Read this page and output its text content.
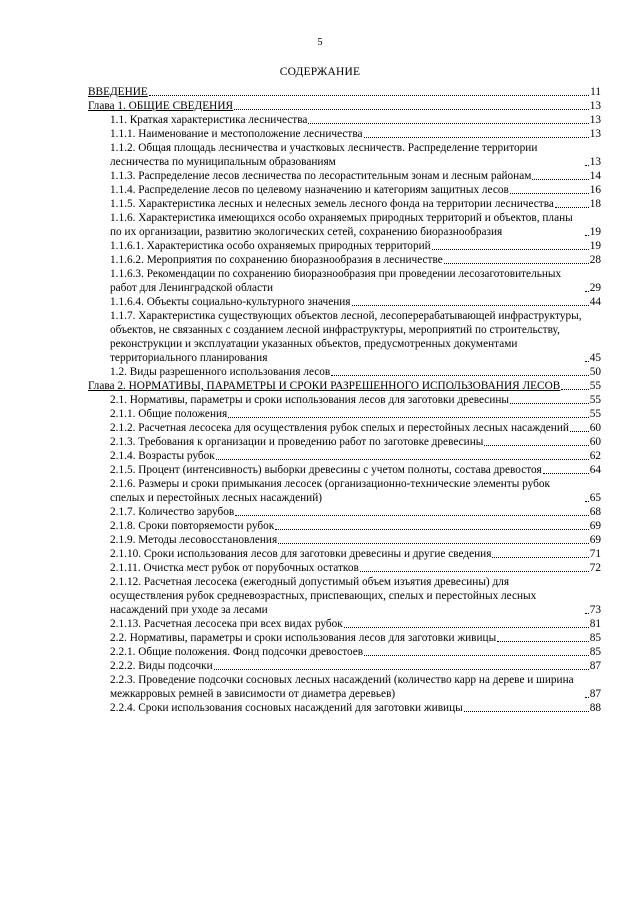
5
СОДЕРЖАНИЕ
ВВЕДЕНИЕ	11
Глава 1. ОБЩИЕ СВЕДЕНИЯ	13
1.1. Краткая характеристика лесничества	13
1.1.1. Наименование и местоположение лесничества	13
1.1.2. Общая площадь лесничества и участковых лесничеств. Распределение территории лесничества по муниципальным образованиям	13
1.1.3. Распределение лесов лесничества по лесорастительным зонам и лесным районам	14
1.1.4. Распределение лесов по целевому назначению и категориям защитных лесов	16
1.1.5. Характеристика лесных и нелесных земель лесного фонда на территории лесничества	18
1.1.6. Характеристика имеющихся особо охраняемых природных территорий и объектов, планы по их организации, развитию экологических сетей, сохранению биоразнообразия	19
1.1.6.1. Характеристика особо охраняемых природных территорий	19
1.1.6.2. Мероприятия по сохранению биоразнообразия в лесничестве	28
1.1.6.3. Рекомендации по сохранению биоразнообразия при проведении лесозаготовительных работ для Ленинградской области	29
1.1.6.4. Объекты социально-культурного значения	44
1.1.7. Характеристика существующих объектов лесной, лесоперерабатывающей инфраструктуры, объектов, не связанных с созданием лесной инфраструктуры, мероприятий по строительству, реконструкции и эксплуатации указанных объектов, предусмотренных документами территориального планирования	45
1.2. Виды разрешенного использования лесов	50
Глава 2. НОРМАТИВЫ, ПАРАМЕТРЫ И СРОКИ РАЗРЕШЕННОГО ИСПОЛЬЗОВАНИЯ ЛЕСОВ	55
2.1. Нормативы, параметры и сроки использования лесов для заготовки древесины	55
2.1.1. Общие положения	55
2.1.2. Расчетная лесосека для осуществления рубок спелых и перестойных лесных насаждений 60
2.1.3. Требования к организации и проведению работ по заготовке древесины	60
2.1.4. Возрасты рубок	62
2.1.5. Процент (интенсивность) выборки древесины с учетом полноты, состава древостоя	64
2.1.6. Размеры и сроки примыкания лесосек (организационно-технические элементы рубок спелых и перестойных лесных насаждений)	65
2.1.7. Количество зарубов	68
2.1.8. Сроки повторяемости рубок	69
2.1.9. Методы лесовосстановления	69
2.1.10. Сроки использования лесов для заготовки древесины и другие сведения	71
2.1.11. Очистка мест рубок от порубочных остатков	72
2.1.12. Расчетная лесосека (ежегодный допустимый объем изъятия древесины) для осуществления рубок средневозрастных, приспевающих, спелых и перестойных лесных насаждений при уходе за лесами	73
2.1.13. Расчетная лесосека при всех видах рубок	81
2.2. Нормативы, параметры и сроки использования лесов для заготовки живицы	85
2.2.1. Общие положения. Фонд подсочки древостоев	85
2.2.2. Виды подсочки	87
2.2.3. Проведение подсочки сосновых лесных насаждений (количество карр на дереве и ширина межкарровых ремней в зависимости от диаметра деревьев)	87
2.2.4. Сроки использования сосновых насаждений для заготовки живицы	88
